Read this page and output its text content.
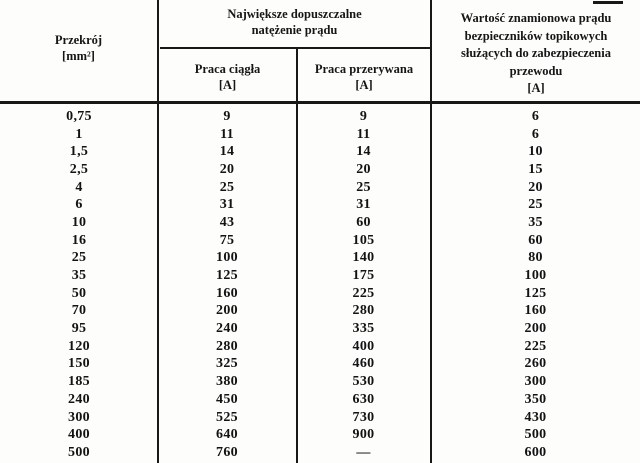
Przekrój
[mm²]
Największe dopuszczalne
natężenie prądu
Praca ciągła
[A]
Praca przerywana
[A]
Wartość znamionowa prądu
bezpieczników topikowych
służących do zabezpieczenia
przewodu
[A]
0,75	9	9	6
1	11	11	6
1,5	14	14	10
2,5	20	20	15
4	25	25	20
6	31	31	25
10	43	60	35
16	75	105	60
25	100	140	80
35	125	175	100
50	160	225	125
70	200	280	160
95	240	335	200
120	280	400	225
150	325	460	260
185	380	530	300
240	450	630	350
300	525	730	430
400	640	900	500
500	760	—	600
